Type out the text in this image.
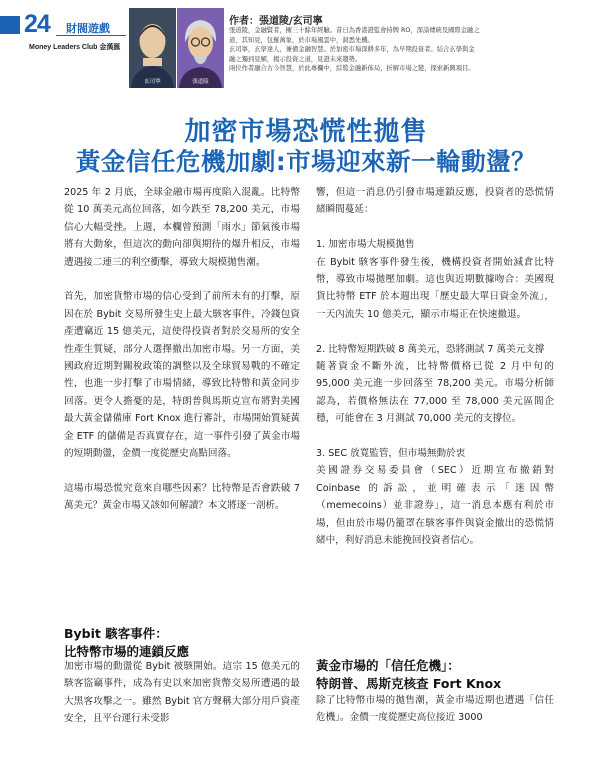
24 財閥遊戲
Money Leaders Club 金漢匯
玄司寧	張道陵
作者：張道陵/玄司寧
張道陵，金融賢者，擁三十餘年經驗。昔日為香港證監會持牌 RO，深諳傳統及國際金融之
道，其知見，包羅萬象，於市場風雲中，洞悉先機。
玄司寧，玄學達人，兼備金融智慧。於加密市場深耕多年，為早期投資者。結合玄學與金
融之獨到見解，揭示投資之道，見證未來趨勢。
兩位作者融合古今智慧，於此專欄中，綜覧金融新佈局，折解市場之變，探索新興項目。
加密市場恐慌性拋售
黃金信任危機加劇:市場迎來新一輪動盪？

2025 年 2 月底，全球金融市場再度陷入混亂。比特幣從 10 萬美元高位回落，如今跌至 78,200 美元，市場信心大幅受挫。上週，本欄曾預測「雨水」節氣後市場將有大動象，但這次的動向卻與期待的爆升相反，市場遭遇接二連三的利空衝擊，導致大規模拋售潮。

首先，加密貨幣市場的信心受到了前所未有的打擊，原因在於 Bybit 交易所發生史上最大駭客事件，冷錢包資產遭竊近 15 億美元，這使得投資者對於交易所的安全性產生質疑，部分人選擇撤出加密市場。另一方面，美國政府近期對關稅政策的調整以及全球貿易戰的不確定性，也進一步打擊了市場情緒，導致比特幣和黃金同步回落。更令人擔憂的是，特朗普與馬斯克宣布將對美國最大黃金儲備庫 Fort Knox 進行審計，市場開始質疑黃金 ETF 的儲備是否真實存在，這一事件引發了黃金市場的短期動盪，金價一度從歷史高點回落。

這場市場恐慌究竟來自哪些因素？比特幣是否會跌破 7 萬美元？黃金市場又該如何解讀？本文將逐一剖析。

Bybit 駭客事件：

比特幣市場的連鎖反應

加密市場的動盪從 Bybit 被駭開始。這宗 15 億美元的駭客盜竊事件，成為有史以來加密貨幣交易所遭遇的最大黑客攻擊之一。雖然 Bybit 官方聲稱大部分用戶資產安全，且平台運行未受影

響，但這一消息仍引發市場連鎖反應，投資者的恐慌情緒瞬間蔓延：

1. 加密市場大規模拋售

在 Bybit 駭客事件發生後，機構投資者開始減倉比特幣，導致市場拋壓加劇。這也與近期數據吻合：美國現貨比特幣 ETF 於本週出現「歷史最大單日資金外流」，一天內流失 10 億美元，顯示市場正在快速撤退。

2. 比特幣短期跌破 8 萬美元，恐將測試 7 萬美元支撐

隨著資金不斷外流，比特幣價格已從 2 月中旬的 95,000 美元進一步回落至 78,200 美元。市場分析師認為，若價格無法在 77,000 至 78,000 美元區間企穩，可能會在 3 月測試 70,000 美元的支撐位。

3. SEC 放寬監管，但市場無動於衷

美國證券交易委員會（SEC）近期宣布撤銷對 Coinbase 的訴訟，並明確表示「迷因幣（memecoins）並非證券」，這一消息本應有利於市場，但由於市場仍籠罩在駭客事件與資金撤出的恐慌情緒中，利好消息未能挽回投資者信心。

黃金市場的「信任危機」：

特朗普、馬斯克核查 Fort Knox

除了比特幣市場的拋售潮，黃金市場近期也遭遇「信任危機」。金價一度從歷史高位接近 3000
